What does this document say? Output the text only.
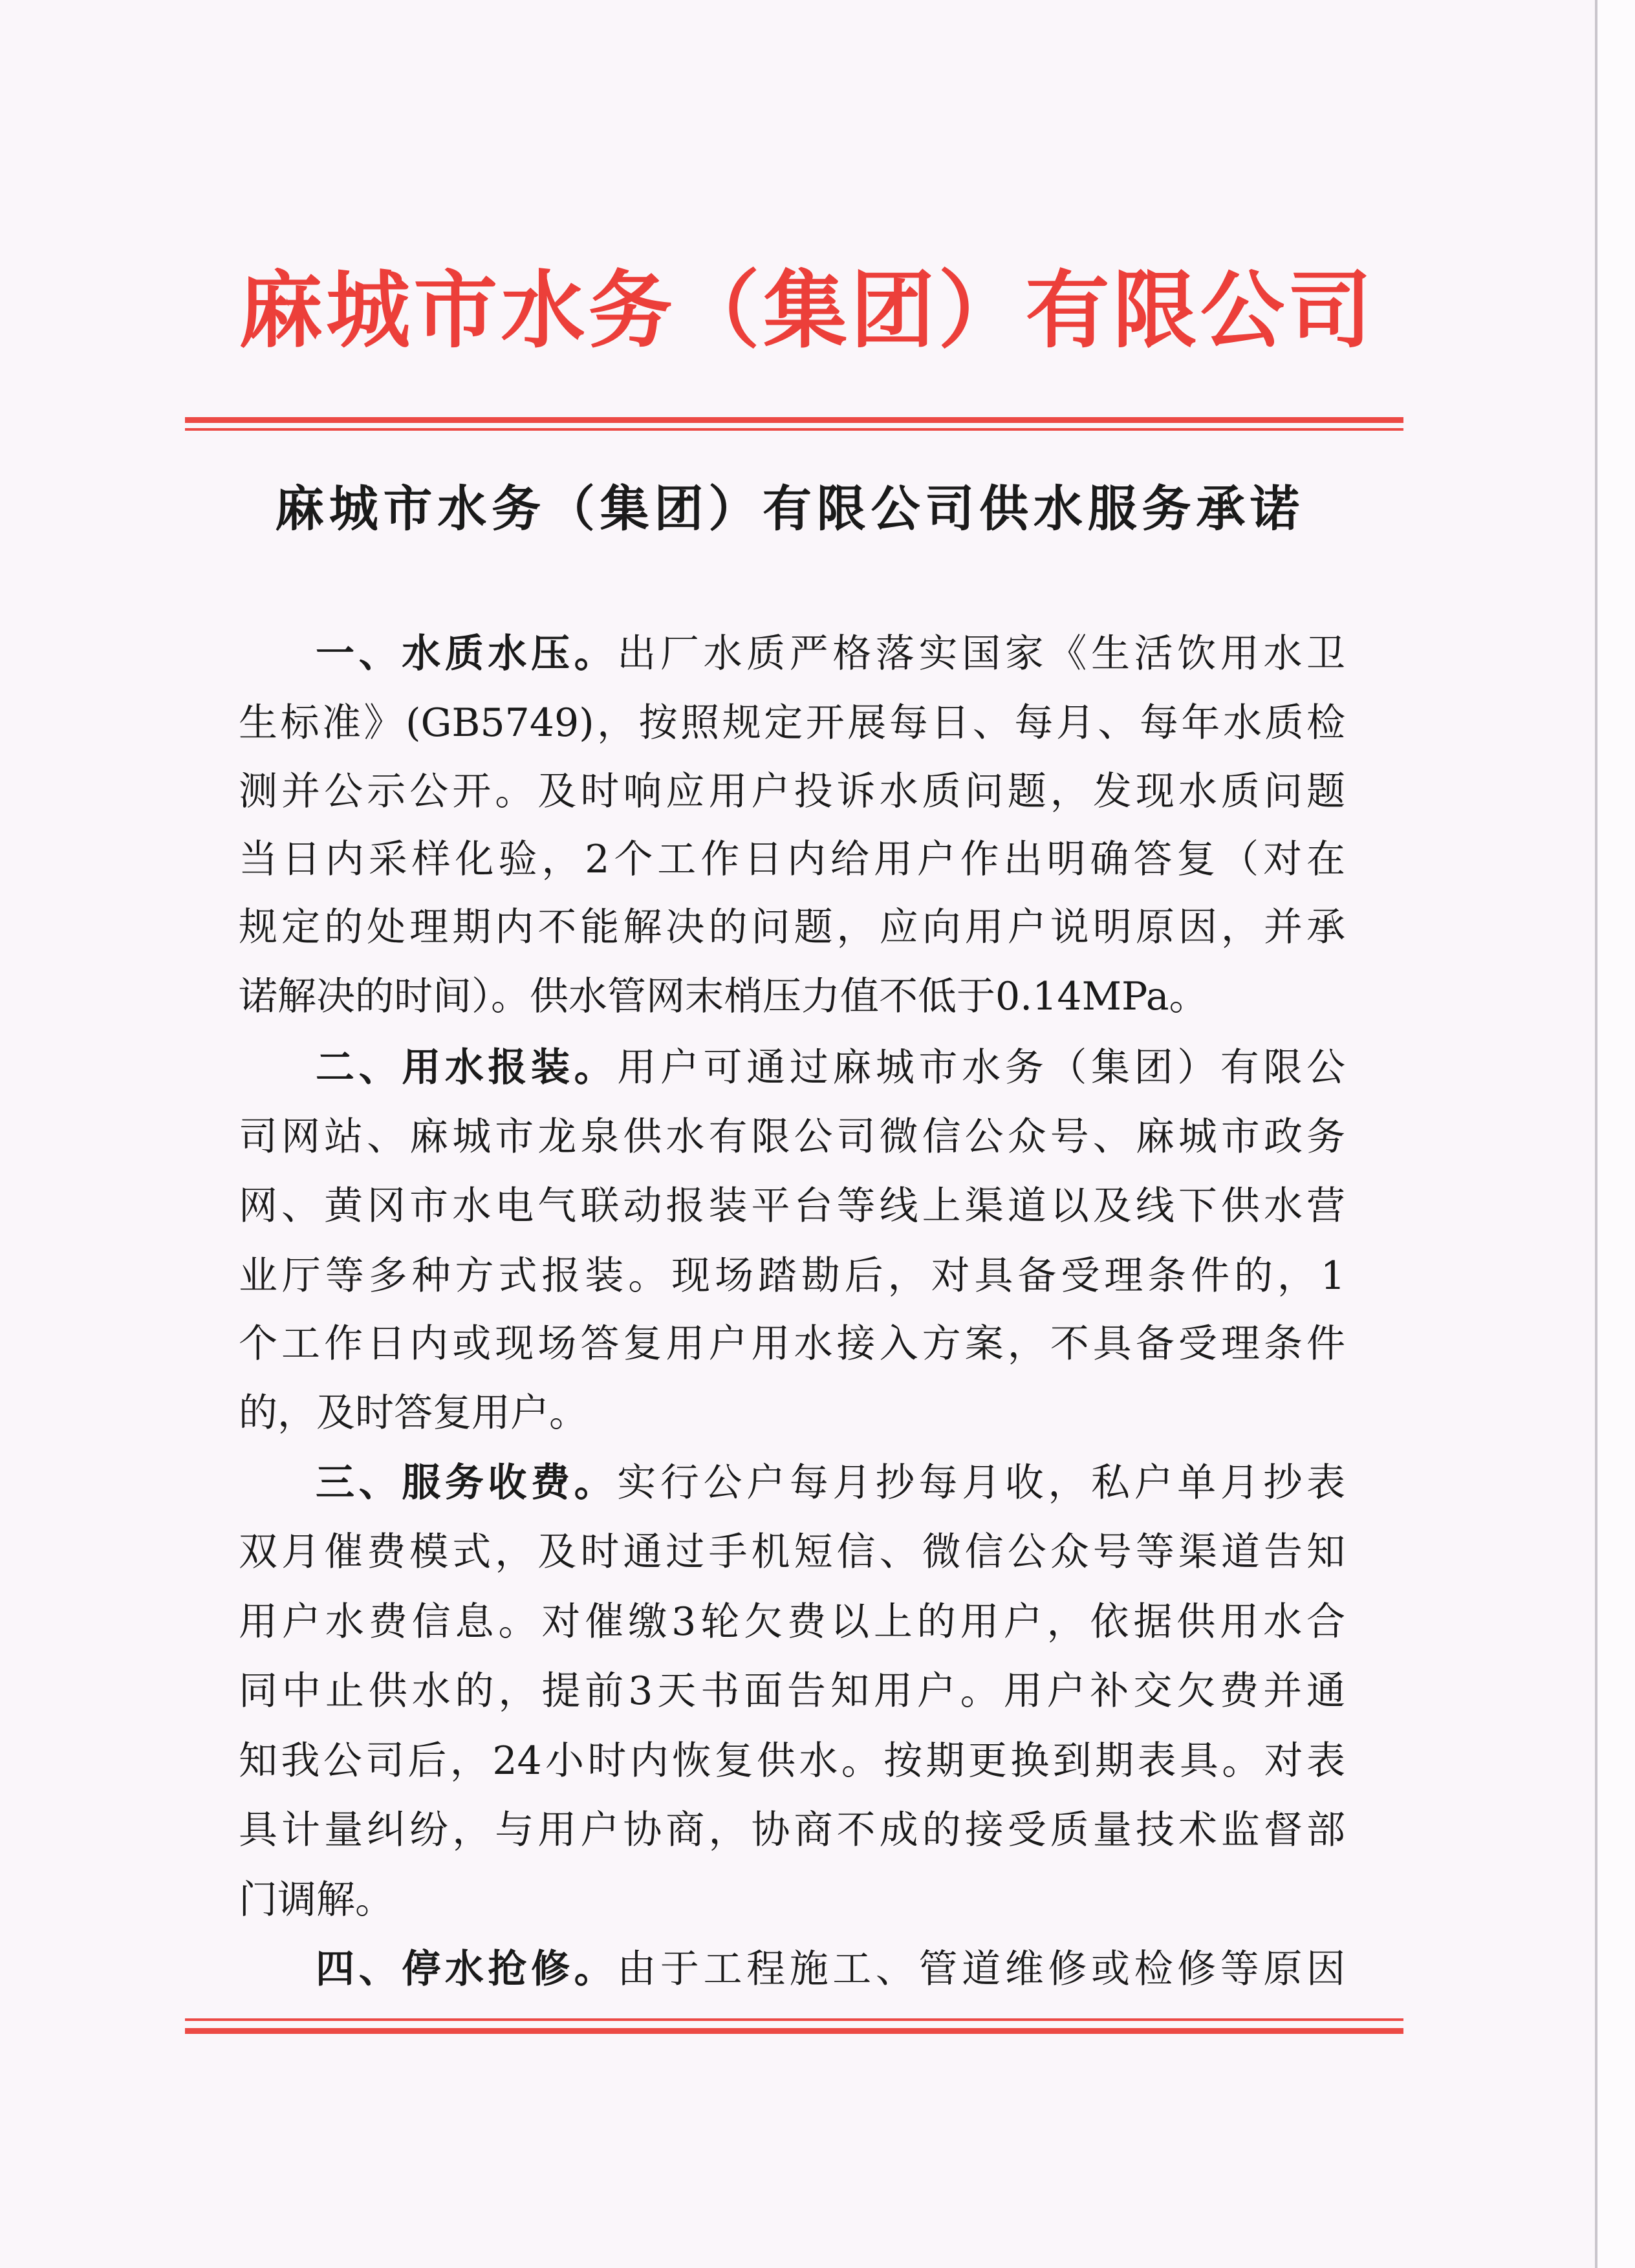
麻城市水务（集团）有限公司
麻城市水务（集团）有限公司供水服务承诺
一、水质水压。出厂水质严格落实国家《生活饮用水卫
生标准》(GB5749)，按照规定开展每日、每月、每年水质检
测并公示公开。及时响应用户投诉水质问题，发现水质问题
当日内采样化验，2个工作日内给用户作出明确答复（对在
规定的处理期内不能解决的问题，应向用户说明原因，并承
诺解决的时间）。供水管网末梢压力值不低于0.14MPa。
二、用水报装。用户可通过麻城市水务（集团）有限公
司网站、麻城市龙泉供水有限公司微信公众号、麻城市政务
网、黄冈市水电气联动报装平台等线上渠道以及线下供水营
业厅等多种方式报装。现场踏勘后，对具备受理条件的，1
个工作日内或现场答复用户用水接入方案，不具备受理条件
的，及时答复用户。
三、服务收费。实行公户每月抄每月收，私户单月抄表
双月催费模式，及时通过手机短信、微信公众号等渠道告知
用户水费信息。对催缴3轮欠费以上的用户，依据供用水合
同中止供水的，提前3天书面告知用户。用户补交欠费并通
知我公司后，24小时内恢复供水。按期更换到期表具。对表
具计量纠纷，与用户协商，协商不成的接受质量技术监督部
门调解。
四、停水抢修。由于工程施工、管道维修或检修等原因
